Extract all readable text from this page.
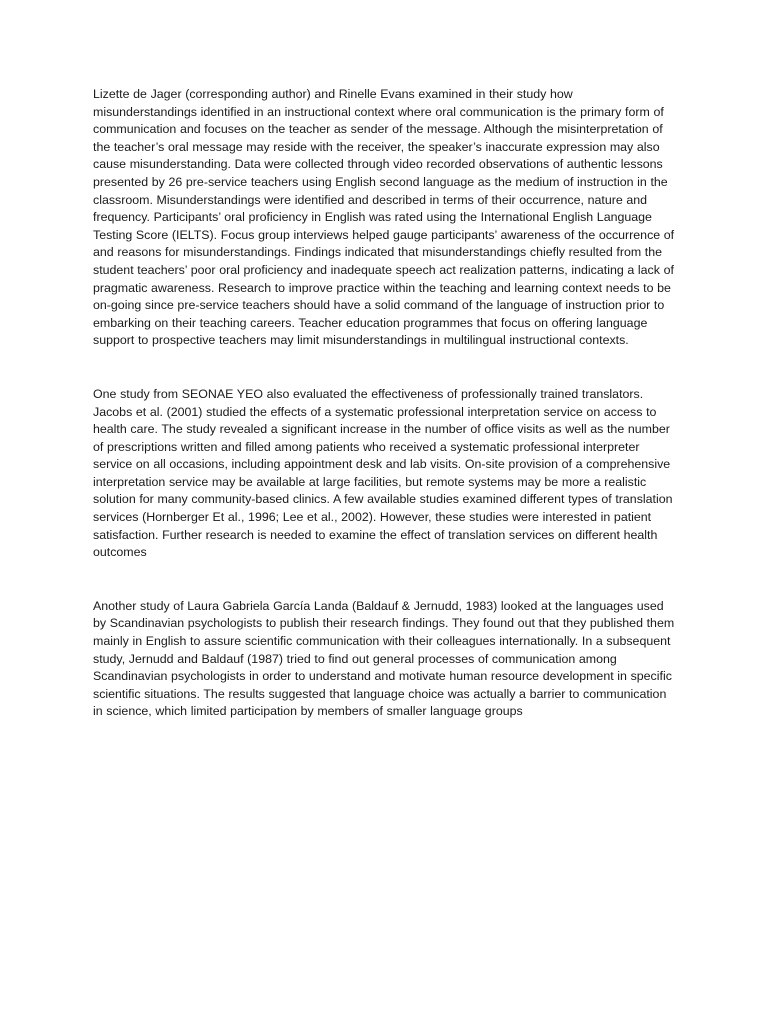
Lizette de Jager (corresponding author) and Rinelle Evans examined in their study how misunderstandings identified in an instructional context where oral communication is the primary form of communication and focuses on the teacher as sender of the message. Although the misinterpretation of the teacher’s oral message may reside with the receiver, the speaker’s inaccurate expression may also cause misunderstanding. Data were collected through video recorded observations of authentic lessons presented by 26 pre-service teachers using English second language as the medium of instruction in the classroom. Misunderstandings were identified and described in terms of their occurrence, nature and frequency. Participants’ oral proficiency in English was rated using the International English Language Testing Score (IELTS). Focus group interviews helped gauge participants’ awareness of the occurrence of and reasons for misunderstandings. Findings indicated that misunderstandings chiefly resulted from the student teachers’ poor oral proficiency and inadequate speech act realization patterns, indicating a lack of pragmatic awareness. Research to improve practice within the teaching and learning context needs to be on-going since pre-service teachers should have a solid command of the language of instruction prior to embarking on their teaching careers. Teacher education programmes that focus on offering language support to prospective teachers may limit misunderstandings in multilingual instructional contexts.

One study from SEONAE YEO also evaluated the effectiveness of professionally trained translators. Jacobs et al. (2001) studied the effects of a systematic professional interpretation service on access to health care. The study revealed a significant increase in the number of office visits as well as the number of prescriptions written and filled among patients who received a systematic professional interpreter service on all occasions, including appointment desk and lab visits. On-site provision of a comprehensive interpretation service may be available at large facilities, but remote systems may be more a realistic solution for many community-based clinics. A few available studies examined different types of translation services (Hornberger Et al., 1996; Lee et al., 2002). However, these studies were interested in patient satisfaction. Further research is needed to examine the effect of translation services on different health outcomes

Another study of Laura Gabriela García Landa (Baldauf & Jernudd, 1983) looked at the languages used by Scandinavian psychologists to publish their research findings. They found out that they published them mainly in English to assure scientific communication with their colleagues internationally. In a subsequent study, Jernudd and Baldauf (1987) tried to find out general processes of communication among Scandinavian psychologists in order to understand and motivate human resource development in specific scientific situations. The results suggested that language choice was actually a barrier to communication in science, which limited participation by members of smaller language groups
